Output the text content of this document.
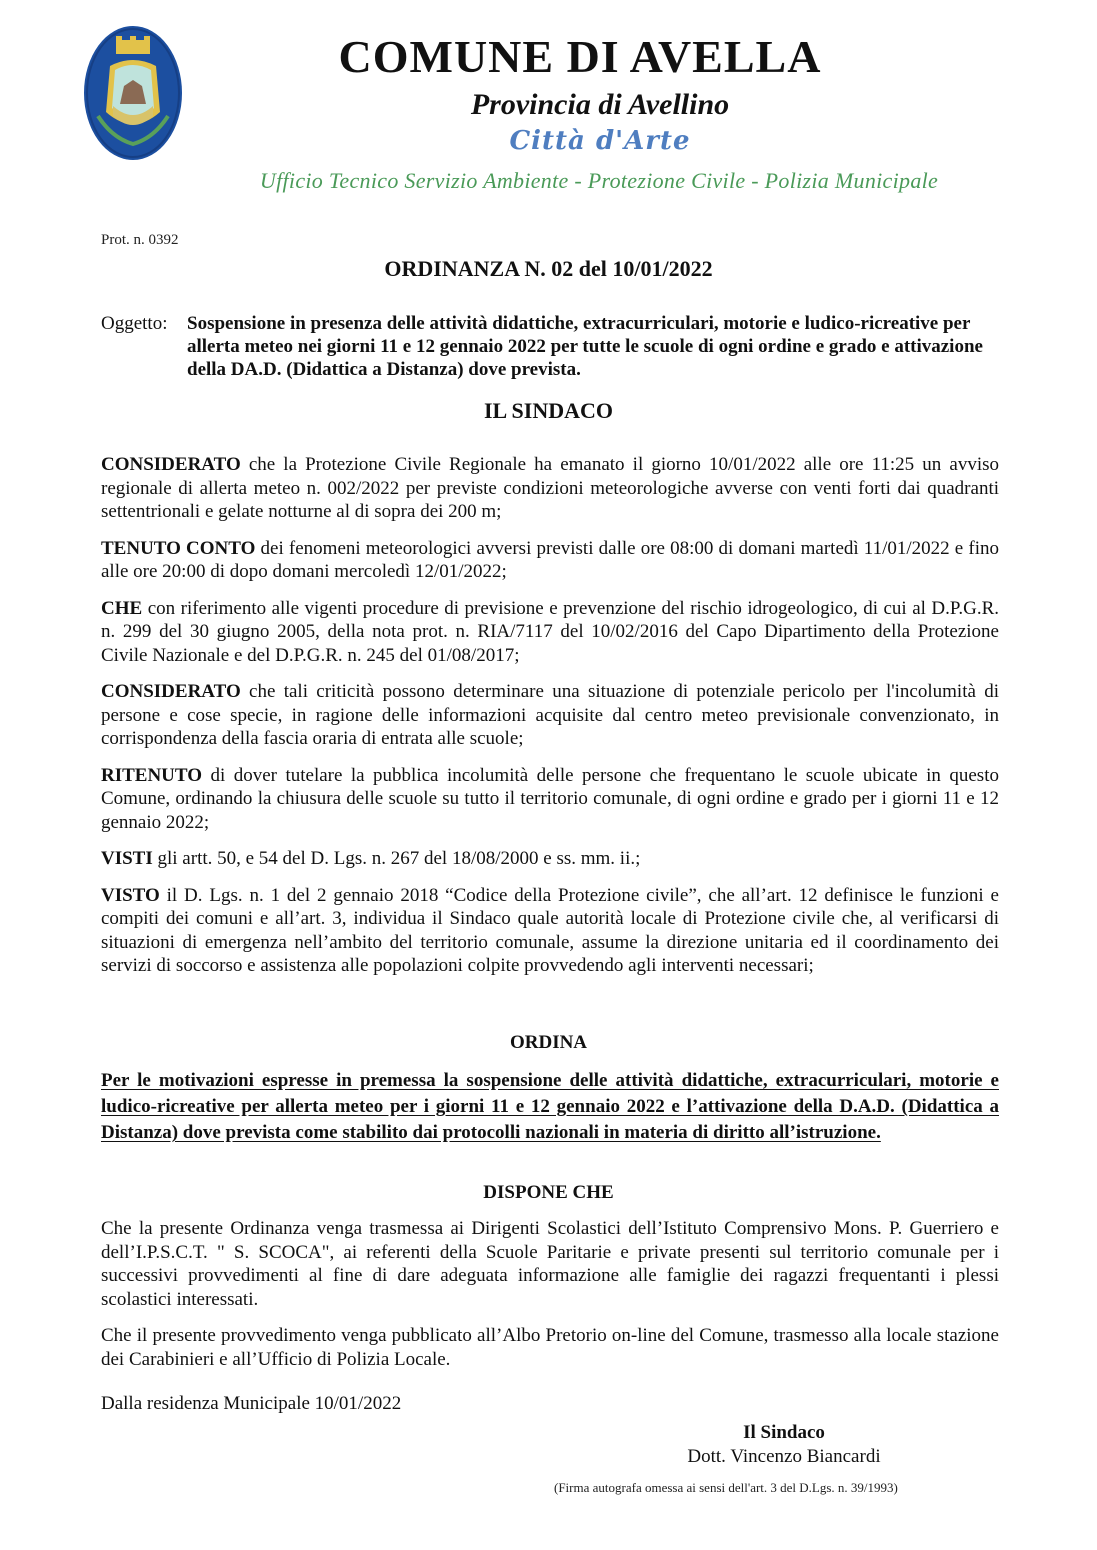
COMUNE DI AVELLA
Provincia di Avellino
Città d'Arte
Ufficio Tecnico Servizio Ambiente - Protezione Civile - Polizia Municipale
Prot. n. 0392
ORDINANZA N. 02 del 10/01/2022
Oggetto: Sospensione in presenza delle attività didattiche, extracurriculari, motorie e ludico-ricreative per allerta meteo nei giorni 11 e 12 gennaio 2022 per tutte le scuole di ogni ordine e grado e attivazione della DA.D. (Didattica a Distanza) dove prevista.
IL SINDACO

CONSIDERATO che la Protezione Civile Regionale ha emanato il giorno 10/01/2022 alle ore 11:25 un avviso regionale di allerta meteo n. 002/2022 per previste condizioni meteorologiche avverse con venti forti dai quadranti settentrionali e gelate notturne al di sopra dei 200 m;

TENUTO CONTO dei fenomeni meteorologici avversi previsti dalle ore 08:00 di domani martedì 11/01/2022 e fino alle ore 20:00 di dopo domani mercoledì 12/01/2022;

CHE con riferimento alle vigenti procedure di previsione e prevenzione del rischio idrogeologico, di cui al D.P.G.R. n. 299 del 30 giugno 2005, della nota prot. n. RIA/7117 del 10/02/2016 del Capo Dipartimento della Protezione Civile Nazionale e del D.P.G.R. n. 245 del 01/08/2017;

CONSIDERATO che tali criticità possono determinare una situazione di potenziale pericolo per l'incolumità di persone e cose specie, in ragione delle informazioni acquisite dal centro meteo previsionale convenzionato, in corrispondenza della fascia oraria di entrata alle scuole;

RITENUTO di dover tutelare la pubblica incolumità delle persone che frequentano le scuole ubicate in questo Comune, ordinando la chiusura delle scuole su tutto il territorio comunale, di ogni ordine e grado per i giorni 11 e 12 gennaio 2022;

VISTI gli artt. 50, e 54 del D. Lgs. n. 267 del 18/08/2000 e ss. mm. ii.;

VISTO il D. Lgs. n. 1 del 2 gennaio 2018 “Codice della Protezione civile”, che all’art. 12 definisce le funzioni e compiti dei comuni e all’art. 3, individua il Sindaco quale autorità locale di Protezione civile che, al verificarsi di situazioni di emergenza nell’ambito del territorio comunale, assume la direzione unitaria ed il coordinamento dei servizi di soccorso e assistenza alle popolazioni colpite provvedendo agli interventi necessari;

ORDINA
Per le motivazioni espresse in premessa la sospensione delle attività didattiche, extracurriculari, motorie e ludico-ricreative per allerta meteo per i giorni 11 e 12 gennaio 2022 e l’attivazione della D.A.D. (Didattica a Distanza) dove prevista come stabilito dai protocolli nazionali in materia di diritto all’istruzione.
DISPONE CHE

Che la presente Ordinanza venga trasmessa ai Dirigenti Scolastici dell’Istituto Comprensivo Mons. P. Guerriero e dell’I.P.S.C.T. " S. SCOCA", ai referenti della Scuole Paritarie e private presenti sul territorio comunale per i successivi provvedimenti al fine di dare adeguata informazione alle famiglie dei ragazzi frequentanti i plessi scolastici interessati.

Che il presente provvedimento venga pubblicato all’Albo Pretorio on-line del Comune, trasmesso alla locale stazione dei Carabinieri e all’Ufficio di Polizia Locale.

Dalla residenza Municipale 10/01/2022
Il Sindaco
Dott. Vincenzo Biancardi
(Firma autografa omessa ai sensi dell'art. 3 del D.Lgs. n. 39/1993)
